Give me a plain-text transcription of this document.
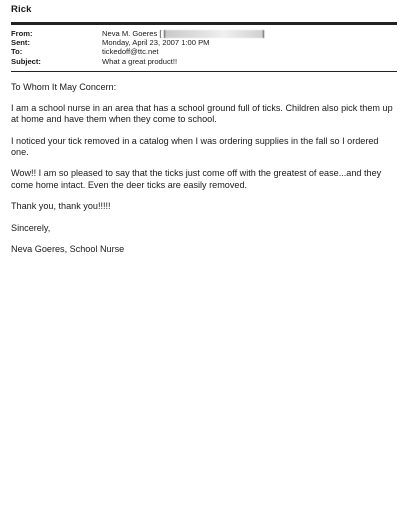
Rick
From:	Neva M. Goeres [
Sent:	Monday, April 23, 2007 1:00 PM
To:	tickedoff@ttc.net
Subject:	What a great product!!

To Whom It May Concern:

I am a school nurse in an area that has a school ground full of ticks. Children also pick them up at home and have them when they come to school.

I noticed your tick removed in a catalog when I was ordering supplies in the fall so I ordered one.

Wow!! I am so pleased to say that the ticks just come off with the greatest of ease...and they come home intact. Even the deer ticks are easily removed.

Thank you, thank you!!!!!

Sincerely,

Neva Goeres, School Nurse
